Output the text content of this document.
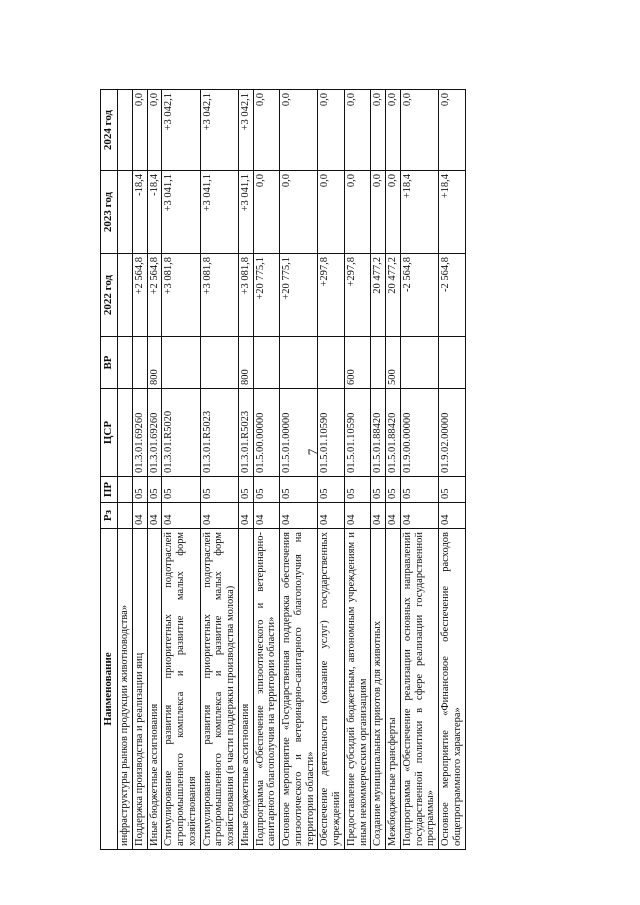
7
Наименование	Рз	ПР	ЦСР	ВР	2022 год	2023 год	2024 год
инфраструктуры рынков продукции животноводства»							
Поддержка производства и реализации яиц	04	05	01.3.01.69260		+2 564,8	-18,4	0,0
Иные бюджетные ассигнования	04	05	01.3.01.69260	800	+2 564,8	-18,4	0,0
Стимулирование развития приоритетных подотраслей агропромышленного комплекса и развитие малых форм хозяйствования	04	05	01.3.01.R5020		+3 081,8	+3 041,1	+3 042,1
Стимулирование развития приоритетных подотраслей агропромышленного комплекса и развитие малых форм хозяйствования (в части поддержки производства молока)	04	05	01.3.01.R5023		+3 081,8	+3 041,1	+3 042,1
Иные бюджетные ассигнования	04	05	01.3.01.R5023	800	+3 081,8	+3 041,1	+3 042,1
Подпрограмма «Обеспечение эпизоотического и ветеринарно-санитарного благополучия на территории области»	04	05	01.5.00.00000		+20 775,1	0,0	0,0
Основное мероприятие «Государственная поддержка обеспечения эпизоотического и ветеринарно-санитарного благополучия на территории области»	04	05	01.5.01.00000		+20 775,1	0,0	0,0
Обеспечение деятельности (оказание услуг) государственных учреждений	04	05	01.5.01.10590		+297,8	0,0	0,0
Предоставление субсидий бюджетным, автономным учреждениям и иным некоммерческим организациям	04	05	01.5.01.10590	600	+297,8	0,0	0,0
Создание муниципальных приютов для животных	04	05	01.5.01.88420		20 477,2	0,0	0,0
Межбюджетные трансферты	04	05	01.5.01.88420	500	20 477,2	0,0	0,0
Подпрограмма «Обеспечение реализации основных направлений государственной политики в сфере реализации государственной программы»	04	05	01.9.00.00000		-2 564,8	+18,4	0,0
Основное мероприятие «Финансовое обеспечение расходов общепрограммного характера»	04	05	01.9.02.00000		-2 564,8	+18,4	0,0
